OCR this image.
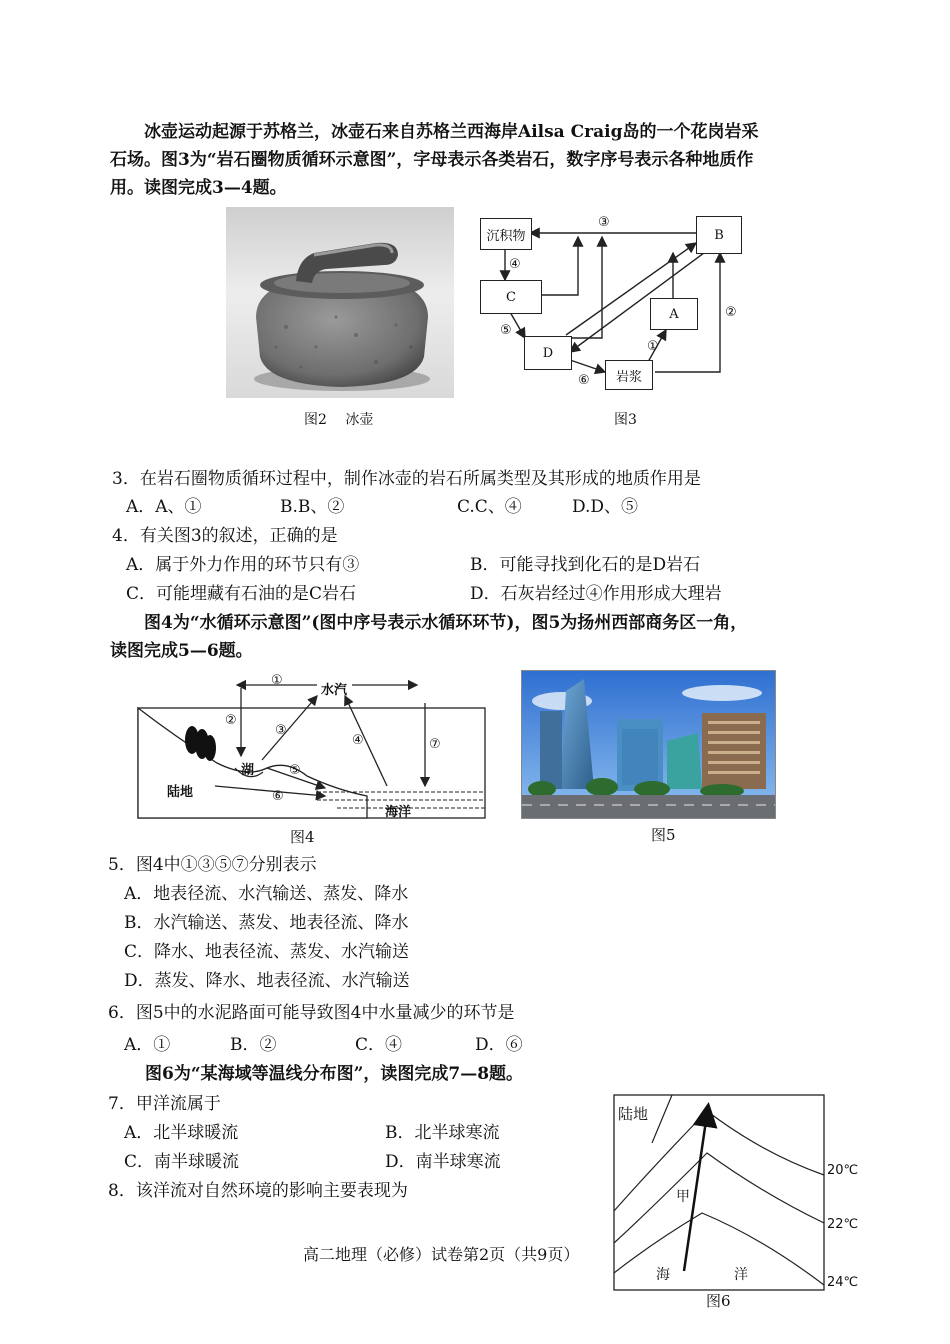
冰壶运动起源于苏格兰，冰壶石来自苏格兰西海岸Ailsa Craig岛的一个花岗岩采
石场。图3为“岩石圈物质循环示意图”，字母表示各类岩石，数字序号表示各种地质作
用。读图完成3—4题。
图2　 冰壶
③
④
⑤
⑥
①
②
沉积物	B
C
A
D
岩浆
图3
3．在岩石圈物质循环过程中，制作冰壶的岩石所属类型及其形成的地质作用是
A．A、①	B.B、②	C.C、④	D.D、⑤
4．有关图3的叙述，正确的是
A．属于外力作用的环节只有③	B．可能寻找到化石的是D岩石
C．可能埋藏有石油的是C岩石	D．石灰岩经过④作用形成大理岩
图4为“水循环示意图”(图中序号表示水循环环节)，图5为扬州西部商务区一角，
读图完成5—6题。
①
②
③
④
⑤
⑥
⑦
水汽
湖
陆地
海洋
图4	图5
5．图4中①③⑤⑦分别表示
A．地表径流、水汽输送、蒸发、降水
B．水汽输送、蒸发、地表径流、降水
C．降水、地表径流、蒸发、水汽输送
D．蒸发、降水、地表径流、水汽输送
6．图5中的水泥路面可能导致图4中水量减少的环节是
A．①	B．②	C．④	D．⑥
图6为“某海域等温线分布图”，读图完成7—8题。
7．甲洋流属于
A．北半球暖流	B．北半球寒流
C．南半球暖流	D．南半球寒流
8．该洋流对自然环境的影响主要表现为
陆地
甲
海	洋
20℃
22℃
24℃
图6
高二地理（必修）试卷第2页（共9页）
